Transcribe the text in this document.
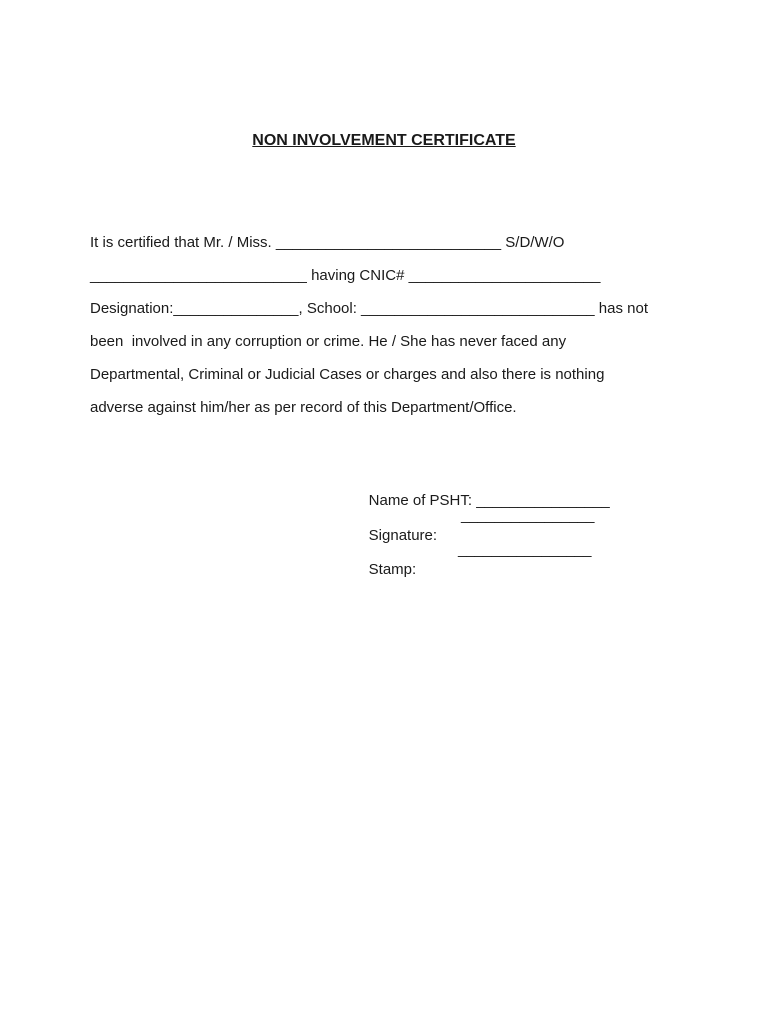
NON INVOLVEMENT CERTIFICATE
It is certified that Mr. / Miss. ___________________________ S/D/W/O
__________________________ having CNIC# _______________________
Designation:_______________, School: ____________________________ has not
been  involved in any corruption or crime. He / She has never faced any
Departmental, Criminal or Judicial Cases or charges and also there is nothing
adverse against him/her as per record of this Department/Office.

Name of PSHT: ________________

Signature:

________________

Stamp:

________________
